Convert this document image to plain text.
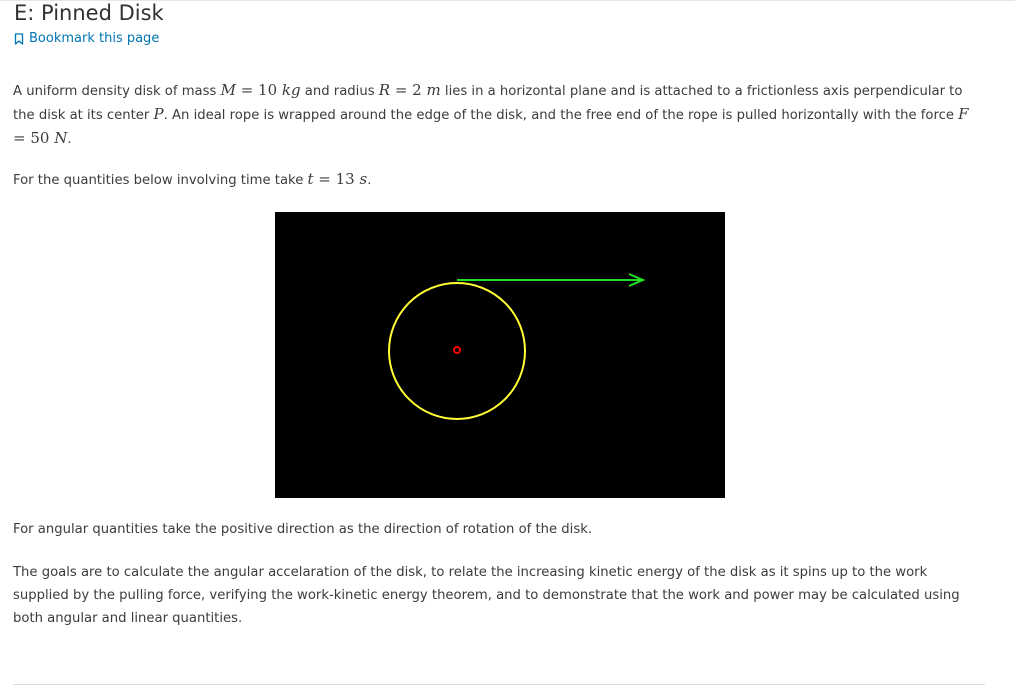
E: Pinned Disk
Bookmark this page

A uniform density disk of mass M = 10 kg and radius R = 2 m lies in a horizontal plane and is attached to a frictionless axis perpendicular to the disk at its center P. An ideal rope is wrapped around the edge of the disk, and the free end of the rope is pulled horizontally with the force F = 50 N.

For the quantities below involving time take t = 13 s.

For angular quantities take the positive direction as the direction of rotation of the disk.

The goals are to calculate the angular accelaration of the disk, to relate the increasing kinetic energy of the disk as it spins up to the work supplied by the pulling force, verifying the work-kinetic energy theorem, and to demonstrate that the work and power may be calculated using both angular and linear quantities.
